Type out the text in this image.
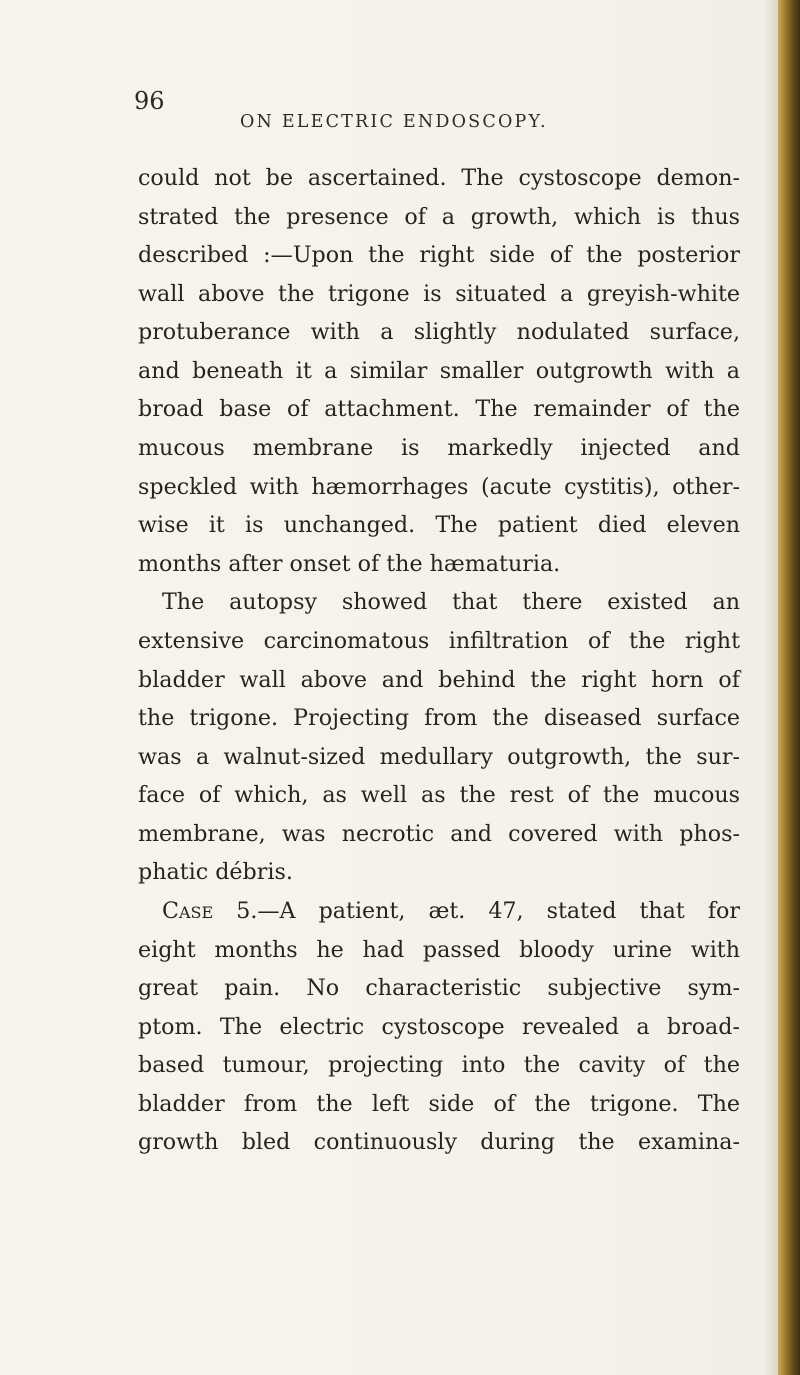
96
ON ELECTRIC ENDOSCOPY.
could not be ascertained. The cystoscope demon-
strated the presence of a growth, which is thus
described :—Upon the right side of the posterior
wall above the trigone is situated a greyish-white
protuberance with a slightly nodulated surface,
and beneath it a similar smaller outgrowth with a
broad base of attachment. The remainder of the
mucous membrane is markedly injected and
speckled with hæmorrhages (acute cystitis), other-
wise it is unchanged. The patient died eleven
months after onset of the hæmaturia.
The autopsy showed that there existed an
extensive carcinomatous infiltration of the right
bladder wall above and behind the right horn of
the trigone. Projecting from the diseased surface
was a walnut-sized medullary outgrowth, the sur-
face of which, as well as the rest of the mucous
membrane, was necrotic and covered with phos-
phatic débris.
Case 5.—A patient, æt. 47, stated that for
eight months he had passed bloody urine with
great pain. No characteristic subjective sym-
ptom. The electric cystoscope revealed a broad-
based tumour, projecting into the cavity of the
bladder from the left side of the trigone. The
growth bled continuously during the examina-
